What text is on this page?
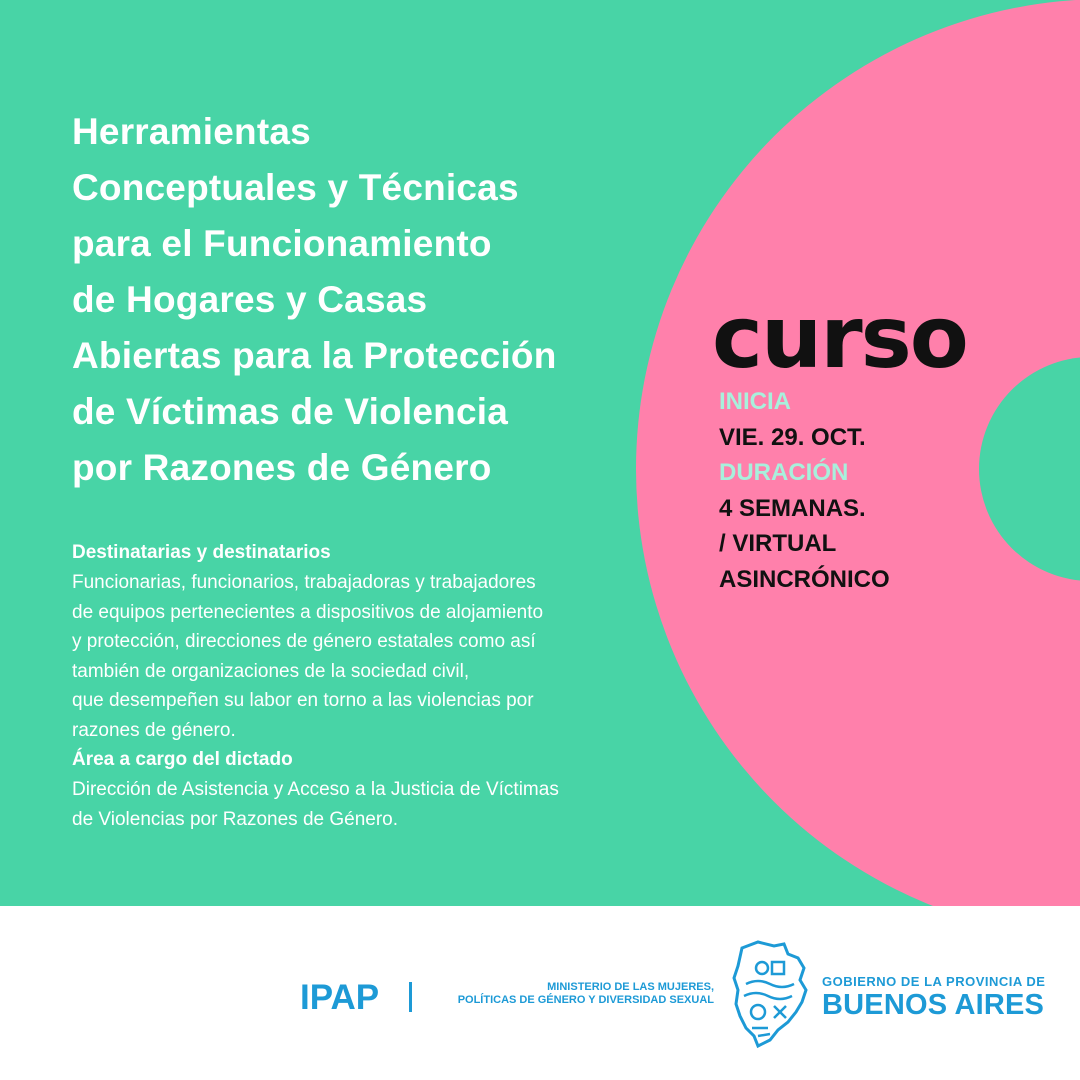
Herramientas
Conceptuales y Técnicas
para el Funcionamiento
de Hogares y Casas
Abiertas para la Protección
de Víctimas de Violencia
por Razones de Género
Destinatarias y destinatarios
Funcionarias, funcionarios, trabajadoras y trabajadores
de equipos pertenecientes a dispositivos de alojamiento
y protección, direcciones de género estatales como así
también de organizaciones de la sociedad civil,
que desempeñen su labor en torno a las violencias por
razones de género.
Área a cargo del dictado
Dirección de Asistencia y Acceso a la Justicia de Víctimas
de Violencias por Razones de Género.
curso
INICIA
VIE. 29. OCT.
DURACIÓN
4 SEMANAS.
/ VIRTUAL
ASINCRÓNICO
IPAP	MINISTERIO DE LAS MUJERES,
POLÍTICAS DE GÉNERO Y DIVERSIDAD SEXUAL
GOBIERNO DE LA PROVINCIA DE
BUENOS AIRES
